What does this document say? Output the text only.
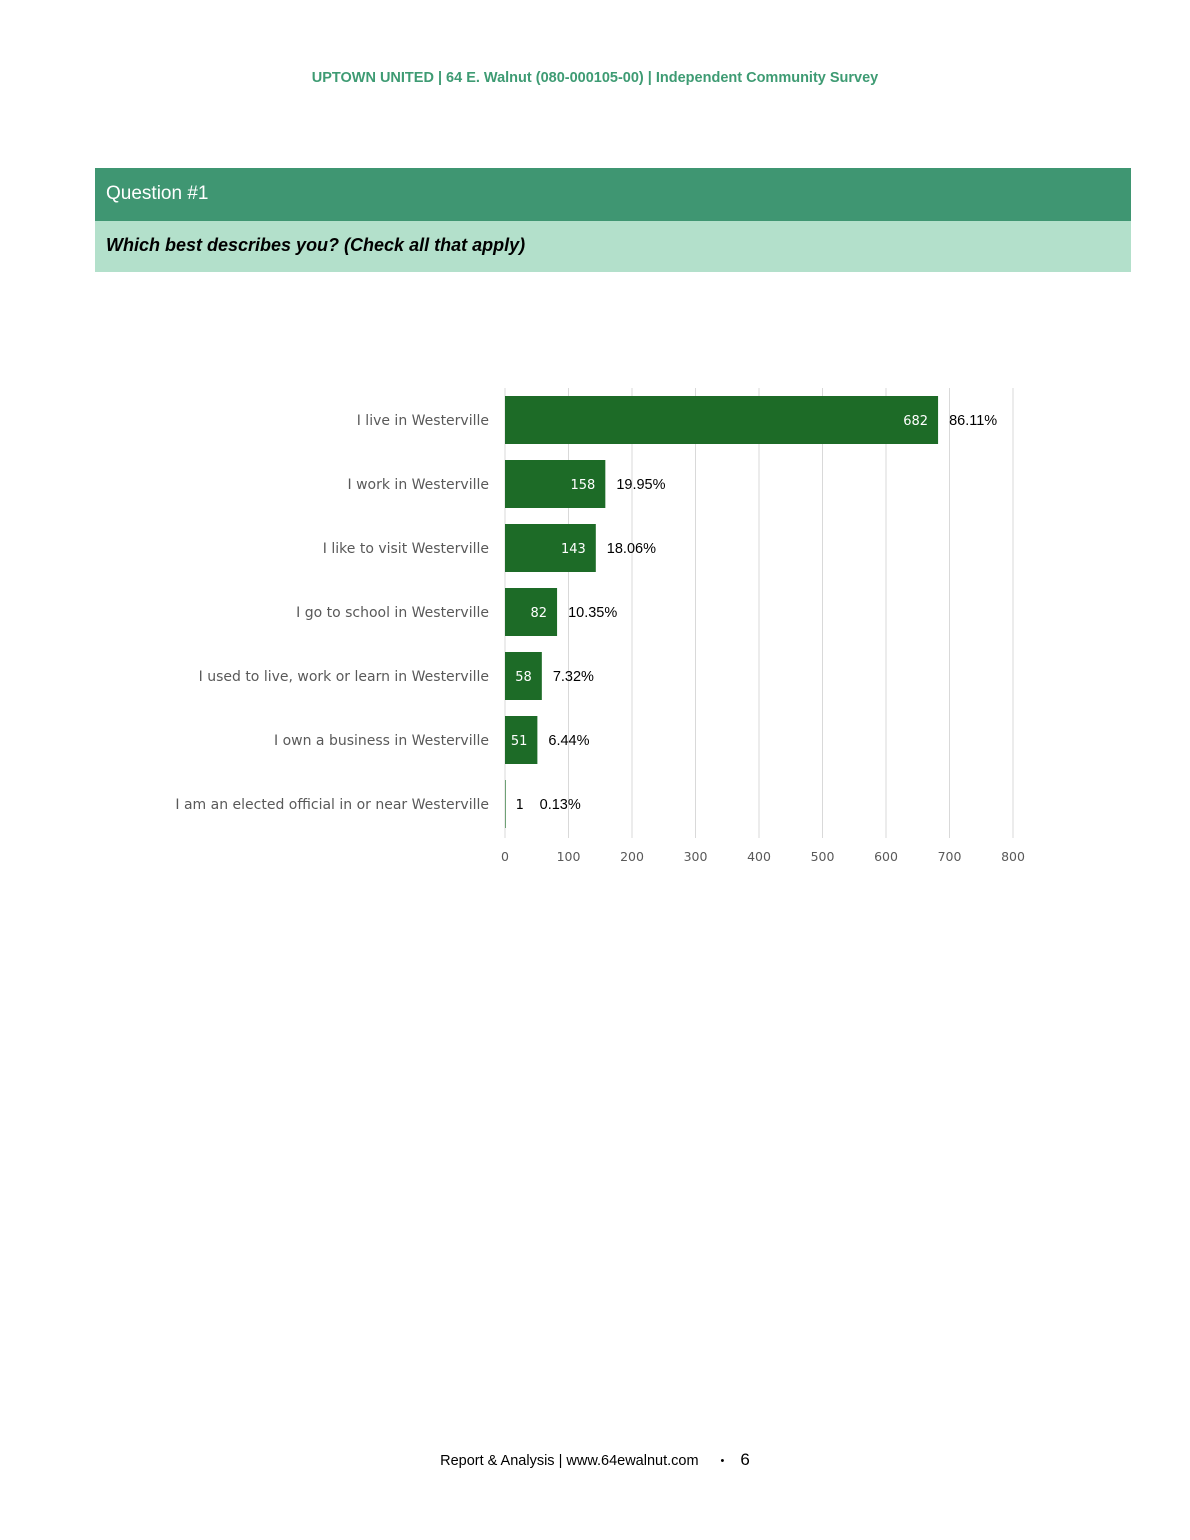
UPTOWN UNITED | 64 E. Walnut (080-000105-00) | Independent Community Survey
Question #1
Which best describes you? (Check all that apply)
0	100	200	300	400	500	600	700	800
I live in Westerville	682 86.11%
I work in Westerville	158 19.95%
I like to visit Westerville	143 18.06%
I go to school in Westerville	82 10.35%
I used to live, work or learn in Westerville 58 7.32%
I own a business in Westerville 51 6.44%
I am an elected official in or near Westerville 1 0.13%
Report & Analysis | www.64ewalnut.com • 6
